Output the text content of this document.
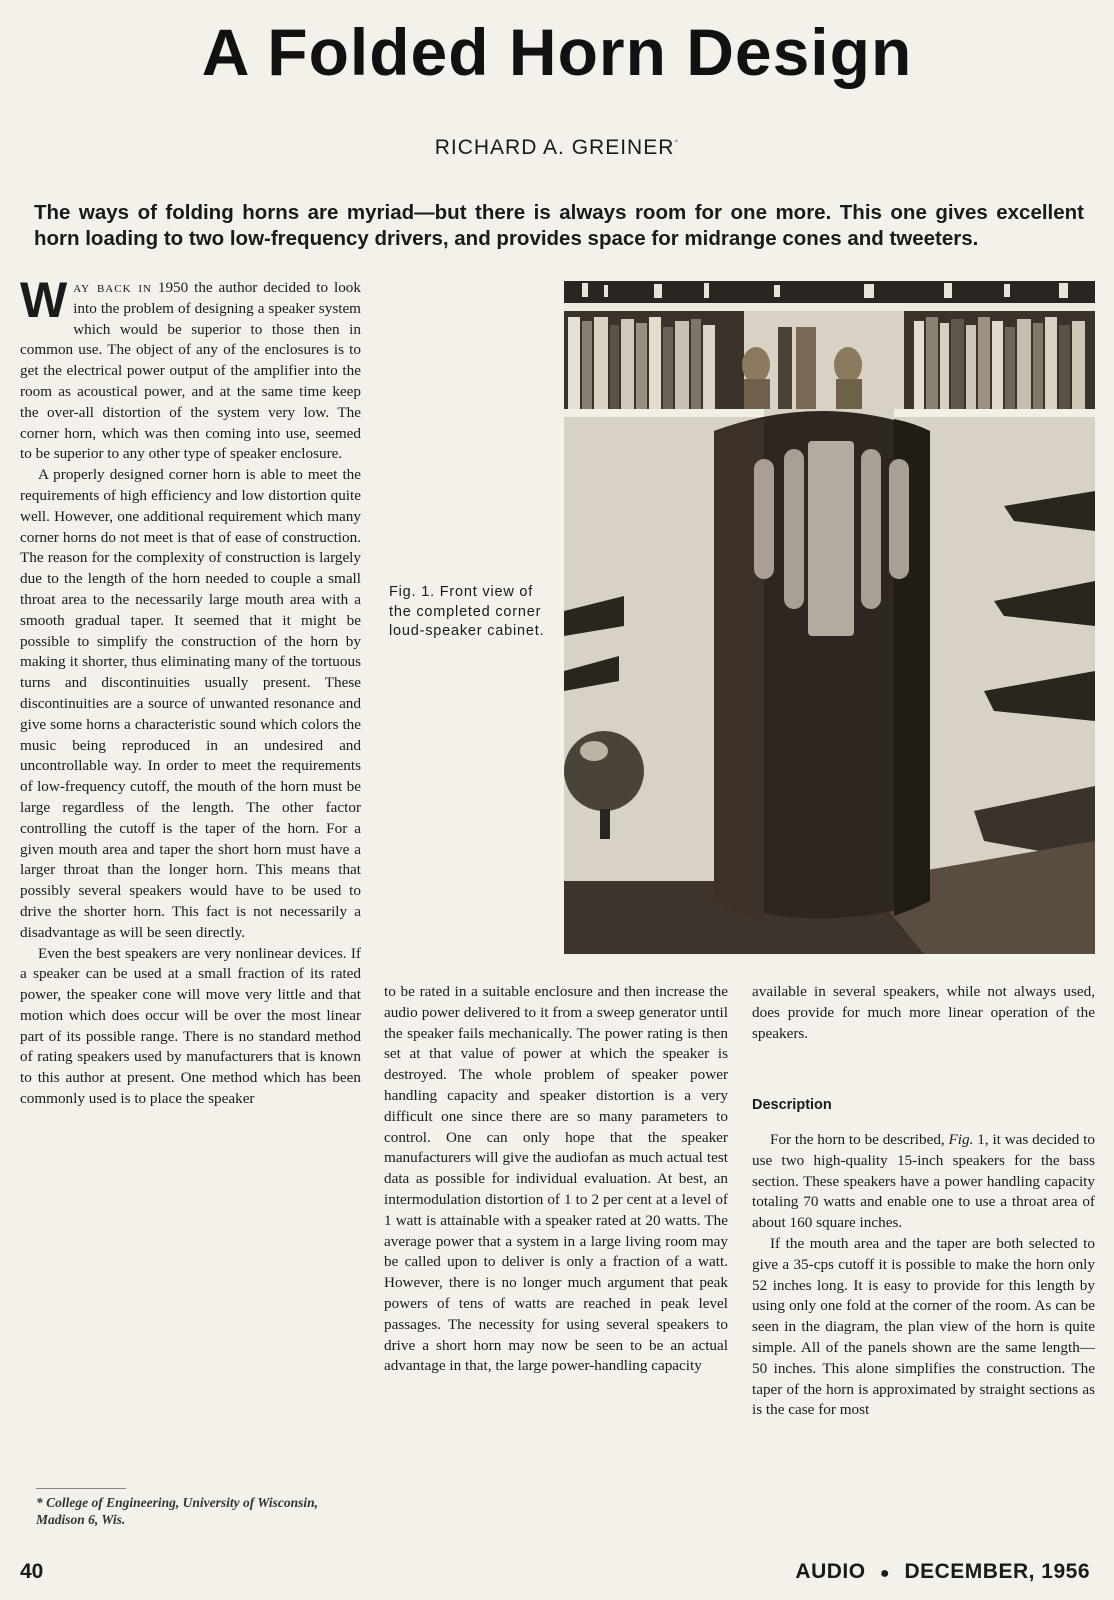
A Folded Horn Design
RICHARD A. GREINER*
The ways of folding horns are myriad—but there is always room for one more. This one gives excellent horn loading to two low-frequency drivers, and provides space for midrange cones and tweeters.

Way back in 1950 the author decided to look into the problem of designing a speaker system which would be superior to those then in common use. The object of any of the enclosures is to get the electrical power output of the amplifier into the room as acoustical power, and at the same time keep the over-all distortion of the system very low. The corner horn, which was then coming into use, seemed to be superior to any other type of speaker enclosure.

A properly designed corner horn is able to meet the requirements of high efficiency and low distortion quite well. However, one additional requirement which many corner horns do not meet is that of ease of construction. The reason for the complexity of construction is largely due to the length of the horn needed to couple a small throat area to the necessarily large mouth area with a smooth gradual taper. It seemed that it might be possible to simplify the construction of the horn by making it shorter, thus eliminating many of the tortuous turns and discontinuities usually present. These discontinuities are a source of unwanted resonance and give some horns a characteristic sound which colors the music being reproduced in an undesired and uncontrollable way. In order to meet the requirements of low-frequency cutoff, the mouth of the horn must be large regardless of the length. The other factor controlling the cutoff is the taper of the horn. For a given mouth area and taper the short horn must have a larger throat than the longer horn. This means that possibly several speakers would have to be used to drive the shorter horn. This fact is not necessarily a disadvantage as will be seen directly.

Even the best speakers are very nonlinear devices. If a speaker can be used at a small fraction of its rated power, the speaker cone will move very little and that motion which does occur will be over the most linear part of its possible range. There is no standard method of rating speakers used by manufacturers that is known to this author at present. One method which has been commonly used is to place the speaker

* College of Engineering, University of Wisconsin, Madison 6, Wis.
Fig. 1. Front view of the completed corner loud-speaker cabinet.

to be rated in a suitable enclosure and then increase the audio power delivered to it from a sweep generator until the speaker fails mechanically. The power rating is then set at that value of power at which the speaker is destroyed. The whole problem of speaker power handling capacity and speaker distortion is a very difficult one since there are so many parameters to control. One can only hope that the speaker manufacturers will give the audiofan as much actual test data as possible for individual evaluation. At best, an intermodulation distortion of 1 to 2 per cent at a level of 1 watt is attainable with a speaker rated at 20 watts. The average power that a system in a large living room may be called upon to deliver is only a fraction of a watt. However, there is no longer much argument that peak powers of tens of watts are reached in peak level passages. The necessity for using several speakers to drive a short horn may now be seen to be an actual advantage in that, the large power-handling capacity

available in several speakers, while not always used, does provide for much more linear operation of the speakers.

Description

For the horn to be described, Fig. 1, it was decided to use two high-quality 15-inch speakers for the bass section. These speakers have a power handling capacity totaling 70 watts and enable one to use a throat area of about 160 square inches.

If the mouth area and the taper are both selected to give a 35-cps cutoff it is possible to make the horn only 52 inches long. It is easy to provide for this length by using only one fold at the corner of the room. As can be seen in the diagram, the plan view of the horn is quite simple. All of the panels shown are the same length—50 inches. This alone simplifies the construction. The taper of the horn is approximated by straight sections as is the case for most

40	AUDIO ● DECEMBER, 1956
